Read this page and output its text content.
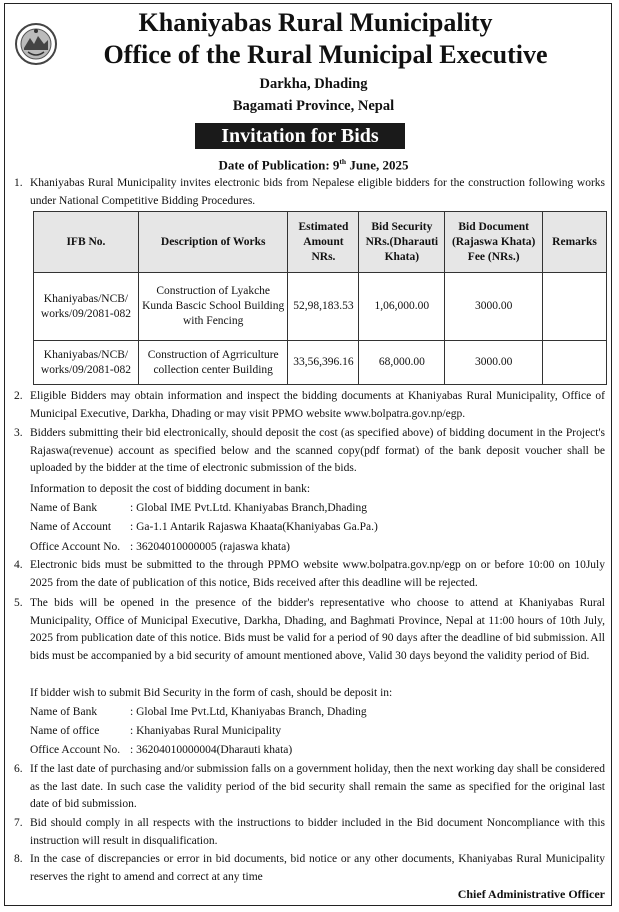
Khaniyabas Rural Municipality
Office of the Rural Municipal Executive
Darkha, Dhading
Bagamati Province, Nepal
Invitation for Bids
Date of Publication: 9th June, 2025
1. Khaniyabas Rural Municipality invites electronic bids from Nepalese eligible bidders for the construction following works under National Competitive Bidding Procedures.
IFB No.	Description of Works	Estimated Amount NRs.	Bid Security NRs.(Dharauti Khata)	Bid Document (Rajaswa Khata) Fee (NRs.)	Remarks
Khaniyabas/NCB/ works/09/2081-082	Construction of Lyakche Kunda Bascic School Building with Fencing	52,98,183.53	1,06,000.00	3000.00	
Khaniyabas/NCB/ works/09/2081-082	Construction of Agrriculture collection center Building	33,56,396.16	68,000.00	3000.00	
2. Eligible Bidders may obtain information and inspect the bidding documents at Khaniyabas Rural Municipality, Office of Municipal Executive, Darkha, Dhading or may visit PPMO website www.bolpatra.gov.np/egp.
3. Bidders submitting their bid electronically, should deposit the cost (as specified above) of bidding document in the Project's Rajaswa(revenue) account as specified below and the scanned copy(pdf format) of the bank deposit voucher shall be uploaded by the bidder at the time of electronic submission of the bids.
Information to deposit the cost of bidding document in bank:
Name of Bank	: Global IME Pvt.Ltd. Khaniyabas Branch,Dhading
Name of Account : Ga-1.1 Antarik Rajaswa Khaata(Khaniyabas Ga.Pa.)
Office Account No. : 36204010000005 (rajaswa khata)
4. Electronic bids must be submitted to the through PPMO website www.bolpatra.gov.np/egp on or before 10:00 on 10July 2025 from the date of publication of this notice, Bids received after this deadline will be rejected.
5. The bids will be opened in the presence of the bidder's representative who choose to attend at Khaniyabas Rural Municipality, Office of Municipal Executive, Darkha, Dhading, and Baghmati Province, Nepal at 11:00 hours of 10th July, 2025 from publication date of this notice. Bids must be valid for a period of 90 days after the deadline of bid submission. All bids must be accompanied by a bid security of amount mentioned above, Valid 30 days beyond the validity period of Bid.
If bidder wish to submit Bid Security in the form of cash, should be deposit in:
Name of Bank	: Global Ime Pvt.Ltd, Khaniyabas Branch, Dhading
Name of office	: Khaniyabas Rural Municipality
Office Account No. : 36204010000004(Dharauti khata)
6. If the last date of purchasing and/or submission falls on a government holiday, then the next working day shall be considered as the last date. In such case the validity period of the bid security shall remain the same as specified for the original last date of bid submission.
7. Bid should comply in all respects with the instructions to bidder included in the Bid document Noncompliance with this instruction will result in disqualification.
8. In the case of discrepancies or error in bid documents, bid notice or any other documents, Khaniyabas Rural Municipality reserves the right to amend and correct at any time
Chief Administrative Officer
